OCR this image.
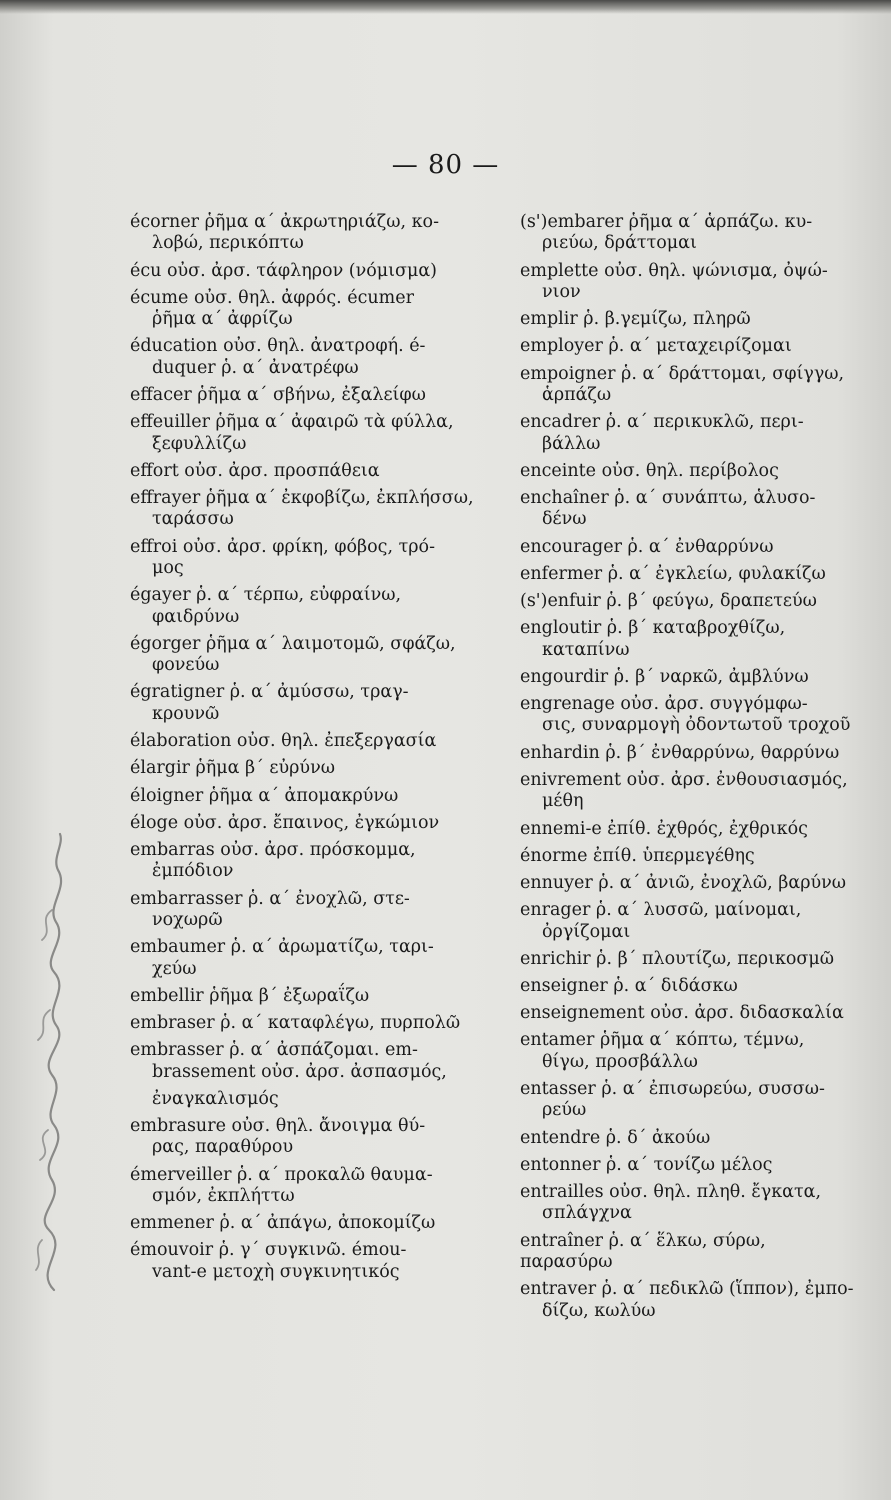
— 80 —
écorner ῥῆμα α΄ ἀκρωτηριάζω, κο-
λοβώ, περικόπτω
écu οὐσ. ἀρσ. τάφληρον (νόμισμα)
écume οὐσ. θηλ. ἀφρός. écumer
ῥῆμα α΄ ἀφρίζω
éducation οὐσ. θηλ. ἀνατροφή. é-
duquer ῥ. α΄ ἀνατρέφω
effacer ῥῆμα α΄ σβήνω, ἐξαλείφω
effeuiller ῥῆμα α΄ ἀφαιρῶ τὰ φύλλα,
ξεφυλλίζω
effort οὐσ. ἀρσ. προσπάθεια
effrayer ῥῆμα α΄ ἐκφοβίζω, ἐκπλήσσω,
ταράσσω
effroi οὐσ. ἀρσ. φρίκη, φόβος, τρό-
μος
égayer ῥ. α΄ τέρπω, εὐφραίνω,
φαιδρύνω
égorger ῥῆμα α΄ λαιμοτομῶ, σφάζω,
φονεύω
égratigner ῥ. α΄ ἀμύσσω, τραγ-
κρουνῶ
élaboration οὐσ. θηλ. ἐπεξεργασία
élargir ῥῆμα β΄ εὐρύνω
éloigner ῥῆμα α΄ ἀπομακρύνω
éloge οὐσ. ἀρσ. ἔπαινος, ἐγκώμιον
embarras οὐσ. ἀρσ. πρόσκομμα,
ἐμπόδιον
embarrasser ῥ. α΄ ἐνοχλῶ, στε-
νοχωρῶ
embaumer ῥ. α΄ ἀρωματίζω, ταρι-
χεύω
embellir ῥῆμα β΄ ἐξωραΐζω
embraser ῥ. α΄ καταφλέγω, πυρπολῶ
embrasser ῥ. α΄ ἀσπάζομαι. em-
brassement οὐσ. ἀρσ. ἀσπασμός,
ἐναγκαλισμός
embrasure οὐσ. θηλ. ἄνοιγμα θύ-
ρας, παραθύρου
émerveiller ῥ. α΄ προκαλῶ θαυμα-
σμόν, ἐκπλήττω
emmener ῥ. α΄ ἀπάγω, ἀποκομίζω
émouvoir ῥ. γ΄ συγκινῶ. émou-
vant-e μετοχὴ συγκινητικός
(s')embarer ῥῆμα α΄ ἁρπάζω. κυ-
ριεύω, δράττομαι
emplette οὐσ. θηλ. ψώνισμα, ὀψώ-
νιον
emplir ῥ. β.γεμίζω, πληρῶ
employer ῥ. α΄ μεταχειρίζομαι
empoigner ῥ. α΄ δράττομαι, σφίγγω,
ἁρπάζω
encadrer ῥ. α΄ περικυκλῶ, περι-
βάλλω
enceinte οὐσ. θηλ. περίβολος
enchaîner ῥ. α΄ συνάπτω, ἁλυσο-
δένω
encourager ῥ. α΄ ἐνθαρρύνω
enfermer ῥ. α΄ ἐγκλείω, φυλακίζω
(s')enfuir ῥ. β΄ φεύγω, δραπετεύω
engloutir ῥ. β΄ καταβροχθίζω,
καταπίνω
engourdir ῥ. β΄ ναρκῶ, ἀμβλύνω
engrenage οὐσ. ἀρσ. συγγόμφω-
σις, συναρμογὴ ὀδοντωτοῦ τροχοῦ
enhardin ῥ. β΄ ἐνθαρρύνω, θαρρύνω
enivrement οὐσ. ἀρσ. ἐνθουσιασμός,
μέθη
ennemi-e ἐπίθ. ἐχθρός, ἐχθρικός
énorme ἐπίθ. ὑπερμεγέθης
ennuyer ῥ. α΄ ἀνιῶ, ἐνοχλῶ, βαρύνω
enrager ῥ. α΄ λυσσῶ, μαίνομαι,
ὀργίζομαι
enrichir ῥ. β΄ πλουτίζω, περικοσμῶ
enseigner ῥ. α΄ διδάσκω
enseignement οὐσ. ἀρσ. διδασκαλία
entamer ῥῆμα α΄ κόπτω, τέμνω,
θίγω, προσβάλλω
entasser ῥ. α΄ ἐπισωρεύω, συσσω-
ρεύω
entendre ῥ. δ΄ ἀκούω
entonner ῥ. α΄ τονίζω μέλος
entrailles οὐσ. θηλ. πληθ. ἔγκατα,
σπλάγχνα
entraîner ῥ. α΄ ἕλκω, σύρω, παρασύρω
entraver ῥ. α΄ πεδικλῶ (ἵππον), ἐμπο-
δίζω, κωλύω
